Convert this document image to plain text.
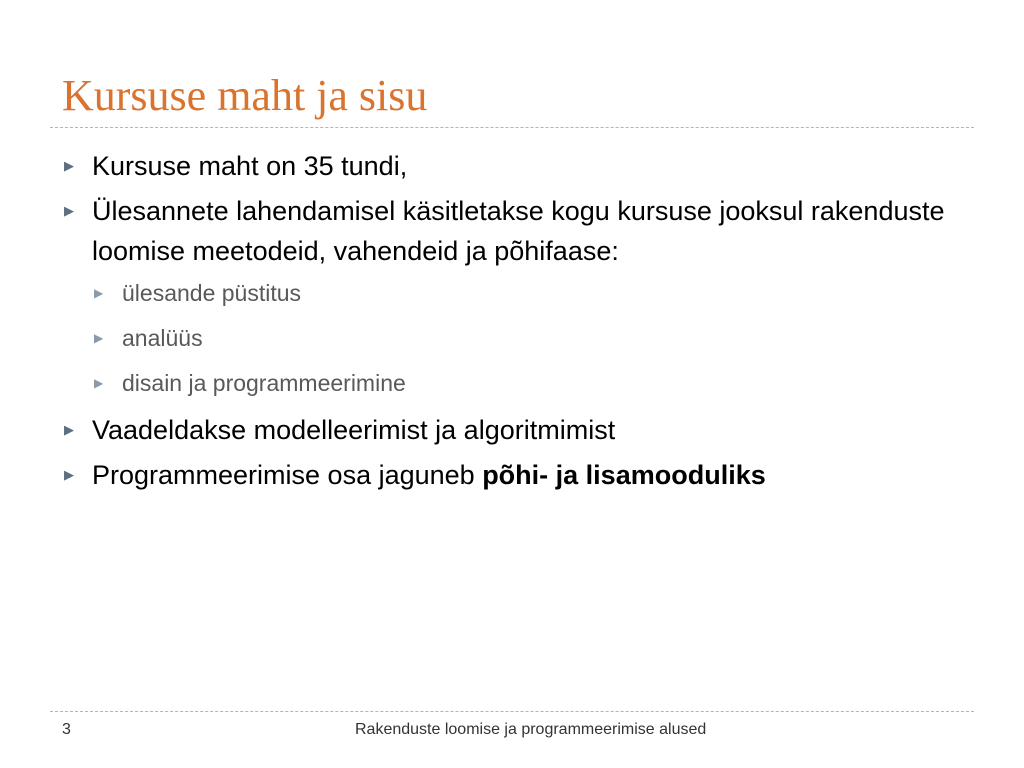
Kursuse maht ja sisu
▶ Kursuse maht on 35 tundi,
▶ Ülesannete lahendamisel käsitletakse kogu kursuse jooksul rakenduste loomise meetodeid, vahendeid ja põhifaase:
▶ ülesande püstitus
▶ analüüs
▶ disain ja programmeerimine
▶ Vaadeldakse modelleerimist ja algoritmimist
▶ Programmeerimise osa jaguneb põhi- ja lisamooduliks
3	Rakenduste loomise ja programmeerimise alused
